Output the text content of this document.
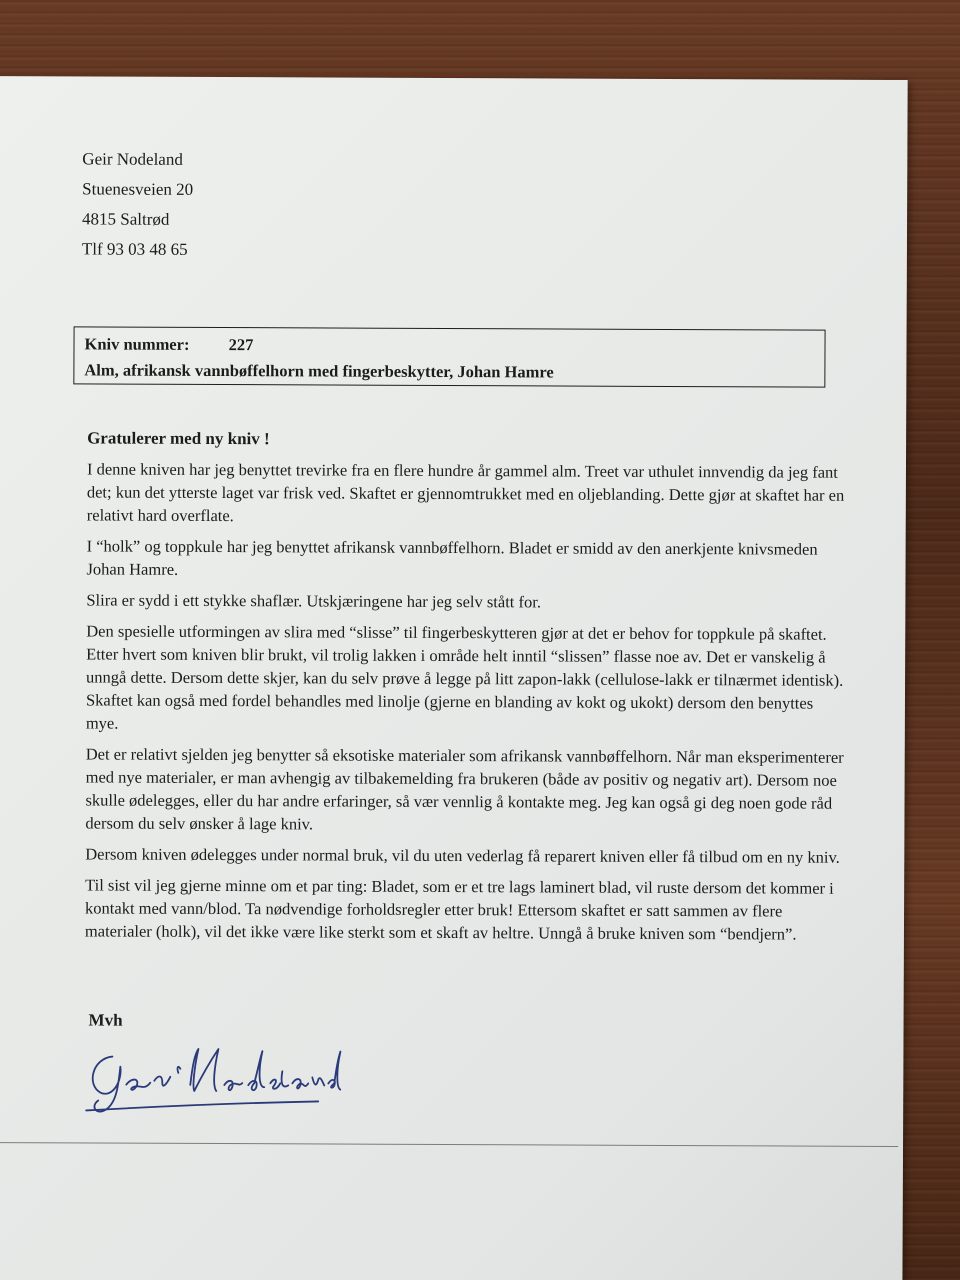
Geir Nodeland
Stuenesveien 20
4815 Saltrød
Tlf 93 03 48 65
Kniv nummer: 227
Alm, afrikansk vannbøffelhorn med fingerbeskytter, Johan Hamre

Gratulerer med ny kniv !

I denne kniven har jeg benyttet trevirke fra en flere hundre år gammel alm. Treet var uthulet innvendig da jeg fant det; kun det ytterste laget var frisk ved. Skaftet er gjennomtrukket med en oljeblanding. Dette gjør at skaftet har en relativt hard overflate.

I “holk” og toppkule har jeg benyttet afrikansk vannbøffelhorn. Bladet er smidd av den anerkjente knivsmeden Johan Hamre.

Slira er sydd i ett stykke shaflær. Utskjæringene har jeg selv stått for.

Den spesielle utformingen av slira med “slisse” til fingerbeskytteren gjør at det er behov for toppkule på skaftet. Etter hvert som kniven blir brukt, vil trolig lakken i område helt inntil “slissen” flasse noe av. Det er vanskelig å unngå dette. Dersom dette skjer, kan du selv prøve å legge på litt zapon-lakk (cellulose-lakk er tilnærmet identisk). Skaftet kan også med fordel behandles med linolje (gjerne en blanding av kokt og ukokt) dersom den benyttes mye.

Det er relativt sjelden jeg benytter så eksotiske materialer som afrikansk vannbøffelhorn. Når man eksperimenterer med nye materialer, er man avhengig av tilbakemelding fra brukeren (både av positiv og negativ art). Dersom noe skulle ødelegges, eller du har andre erfaringer, så vær vennlig å kontakte meg. Jeg kan også gi deg noen gode råd dersom du selv ønsker å lage kniv.

Dersom kniven ødelegges under normal bruk, vil du uten vederlag få reparert kniven eller få tilbud om en ny kniv.

Til sist vil jeg gjerne minne om et par ting: Bladet, som er et tre lags laminert blad, vil ruste dersom det kommer i kontakt med vann/blod. Ta nødvendige forholdsregler etter bruk! Ettersom skaftet er satt sammen av flere materialer (holk), vil det ikke være like sterkt som et skaft av heltre. Unngå å bruke kniven som “bendjern”.

Mvh
